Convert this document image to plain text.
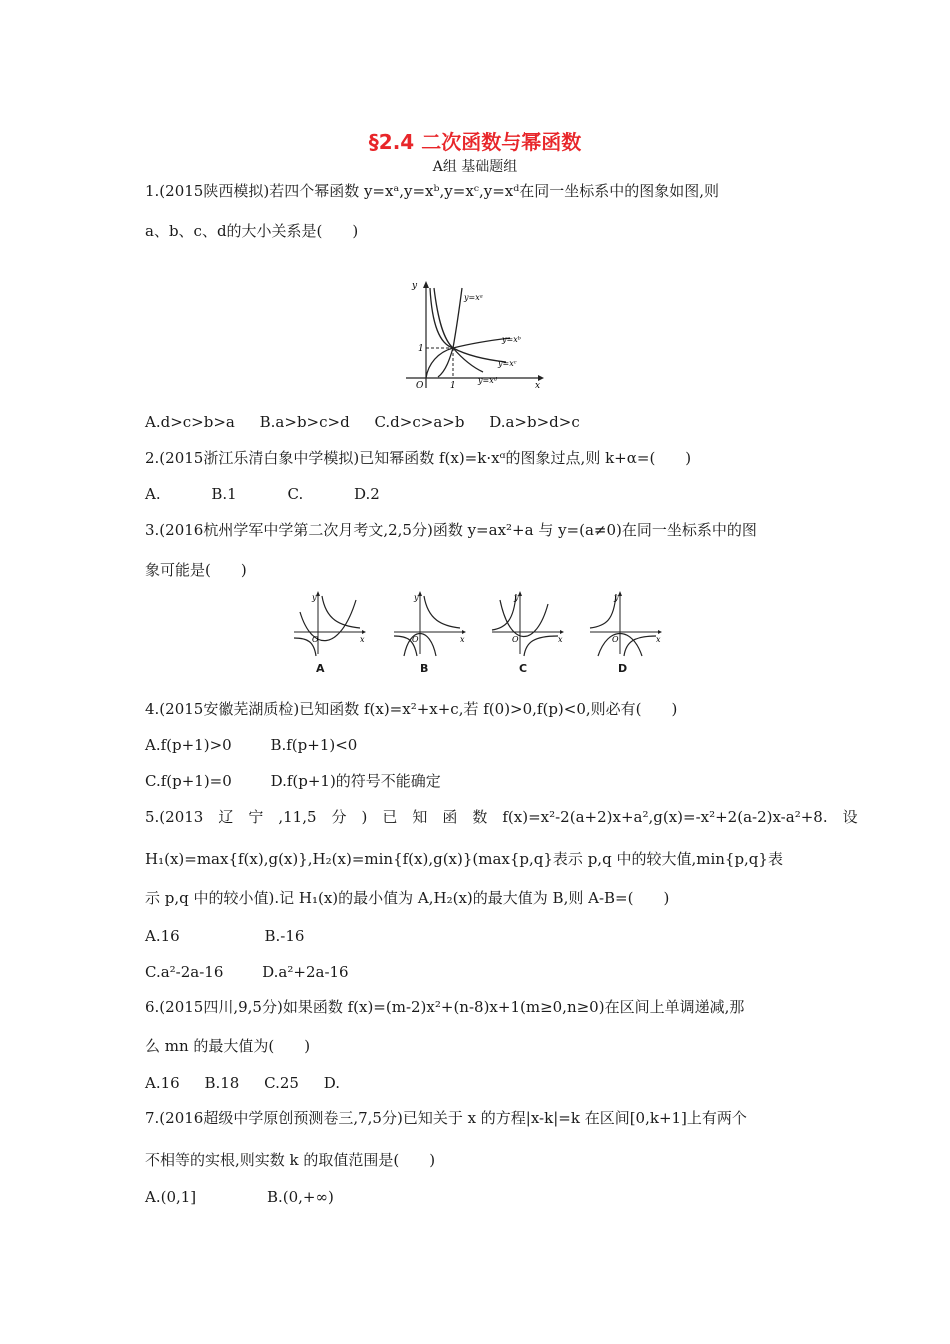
§2.4 二次函数与幂函数
A组 基础题组
1.(2015陕西模拟)若四个幂函数 y=xᵃ,y=xᵇ,y=xᶜ,y=xᵈ在同一坐标系中的图象如图,则
a、b、c、d的大小关系是(　　)
y
x
O	1
1
y=xᵃ
y=xᵇ
y=xᶜ
y=xᵈ
A.d>c>b>a B.a>b>c>d C.d>c>a>b D.a>b>d>c
2.(2015浙江乐清白象中学模拟)已知幂函数 f(x)=k·xᵅ的图象过点,则 k+α=(　　)
A.	B.1	C.	D.2
3.(2016杭州学军中学第二次月考文,2,5分)函数 y=ax²+a 与 y=(a≠0)在同一坐标系中的图
象可能是(　　)
y
x
O
A
y
x
O
B
y
x
O
C
y
x
O
D
4.(2015安徽芜湖质检)已知函数 f(x)=x²+x+c,若 f(0)>0,f(p)<0,则必有(　　)
A.f(p+1)>0	B.f(p+1)<0
C.f(p+1)=0	D.f(p+1)的符号不能确定
5.(2013　辽　宁　,11,5　分　)　已　知　函　数　f(x)=x²-2(a+2)x+a²,g(x)=-x²+2(a-2)x-a²+8.　设
H₁(x)=max{f(x),g(x)},H₂(x)=min{f(x),g(x)}(max{p,q}表示 p,q 中的较大值,min{p,q}表
示 p,q 中的较小值).记 H₁(x)的最小值为 A,H₂(x)的最大值为 B,则 A-B=(　　)
A.16	B.-16
C.a²-2a-16	D.a²+2a-16
6.(2015四川,9,5分)如果函数 f(x)=(m-2)x²+(n-8)x+1(m≥0,n≥0)在区间上单调递减,那
么 mn 的最大值为(　　)
A.16 B.18 C.25 D.
7.(2016超级中学原创预测卷三,7,5分)已知关于 x 的方程|x-k|=k 在区间[0,k+1]上有两个
不相等的实根,则实数 k 的取值范围是(　　)
A.(0,1]	B.(0,+∞)
